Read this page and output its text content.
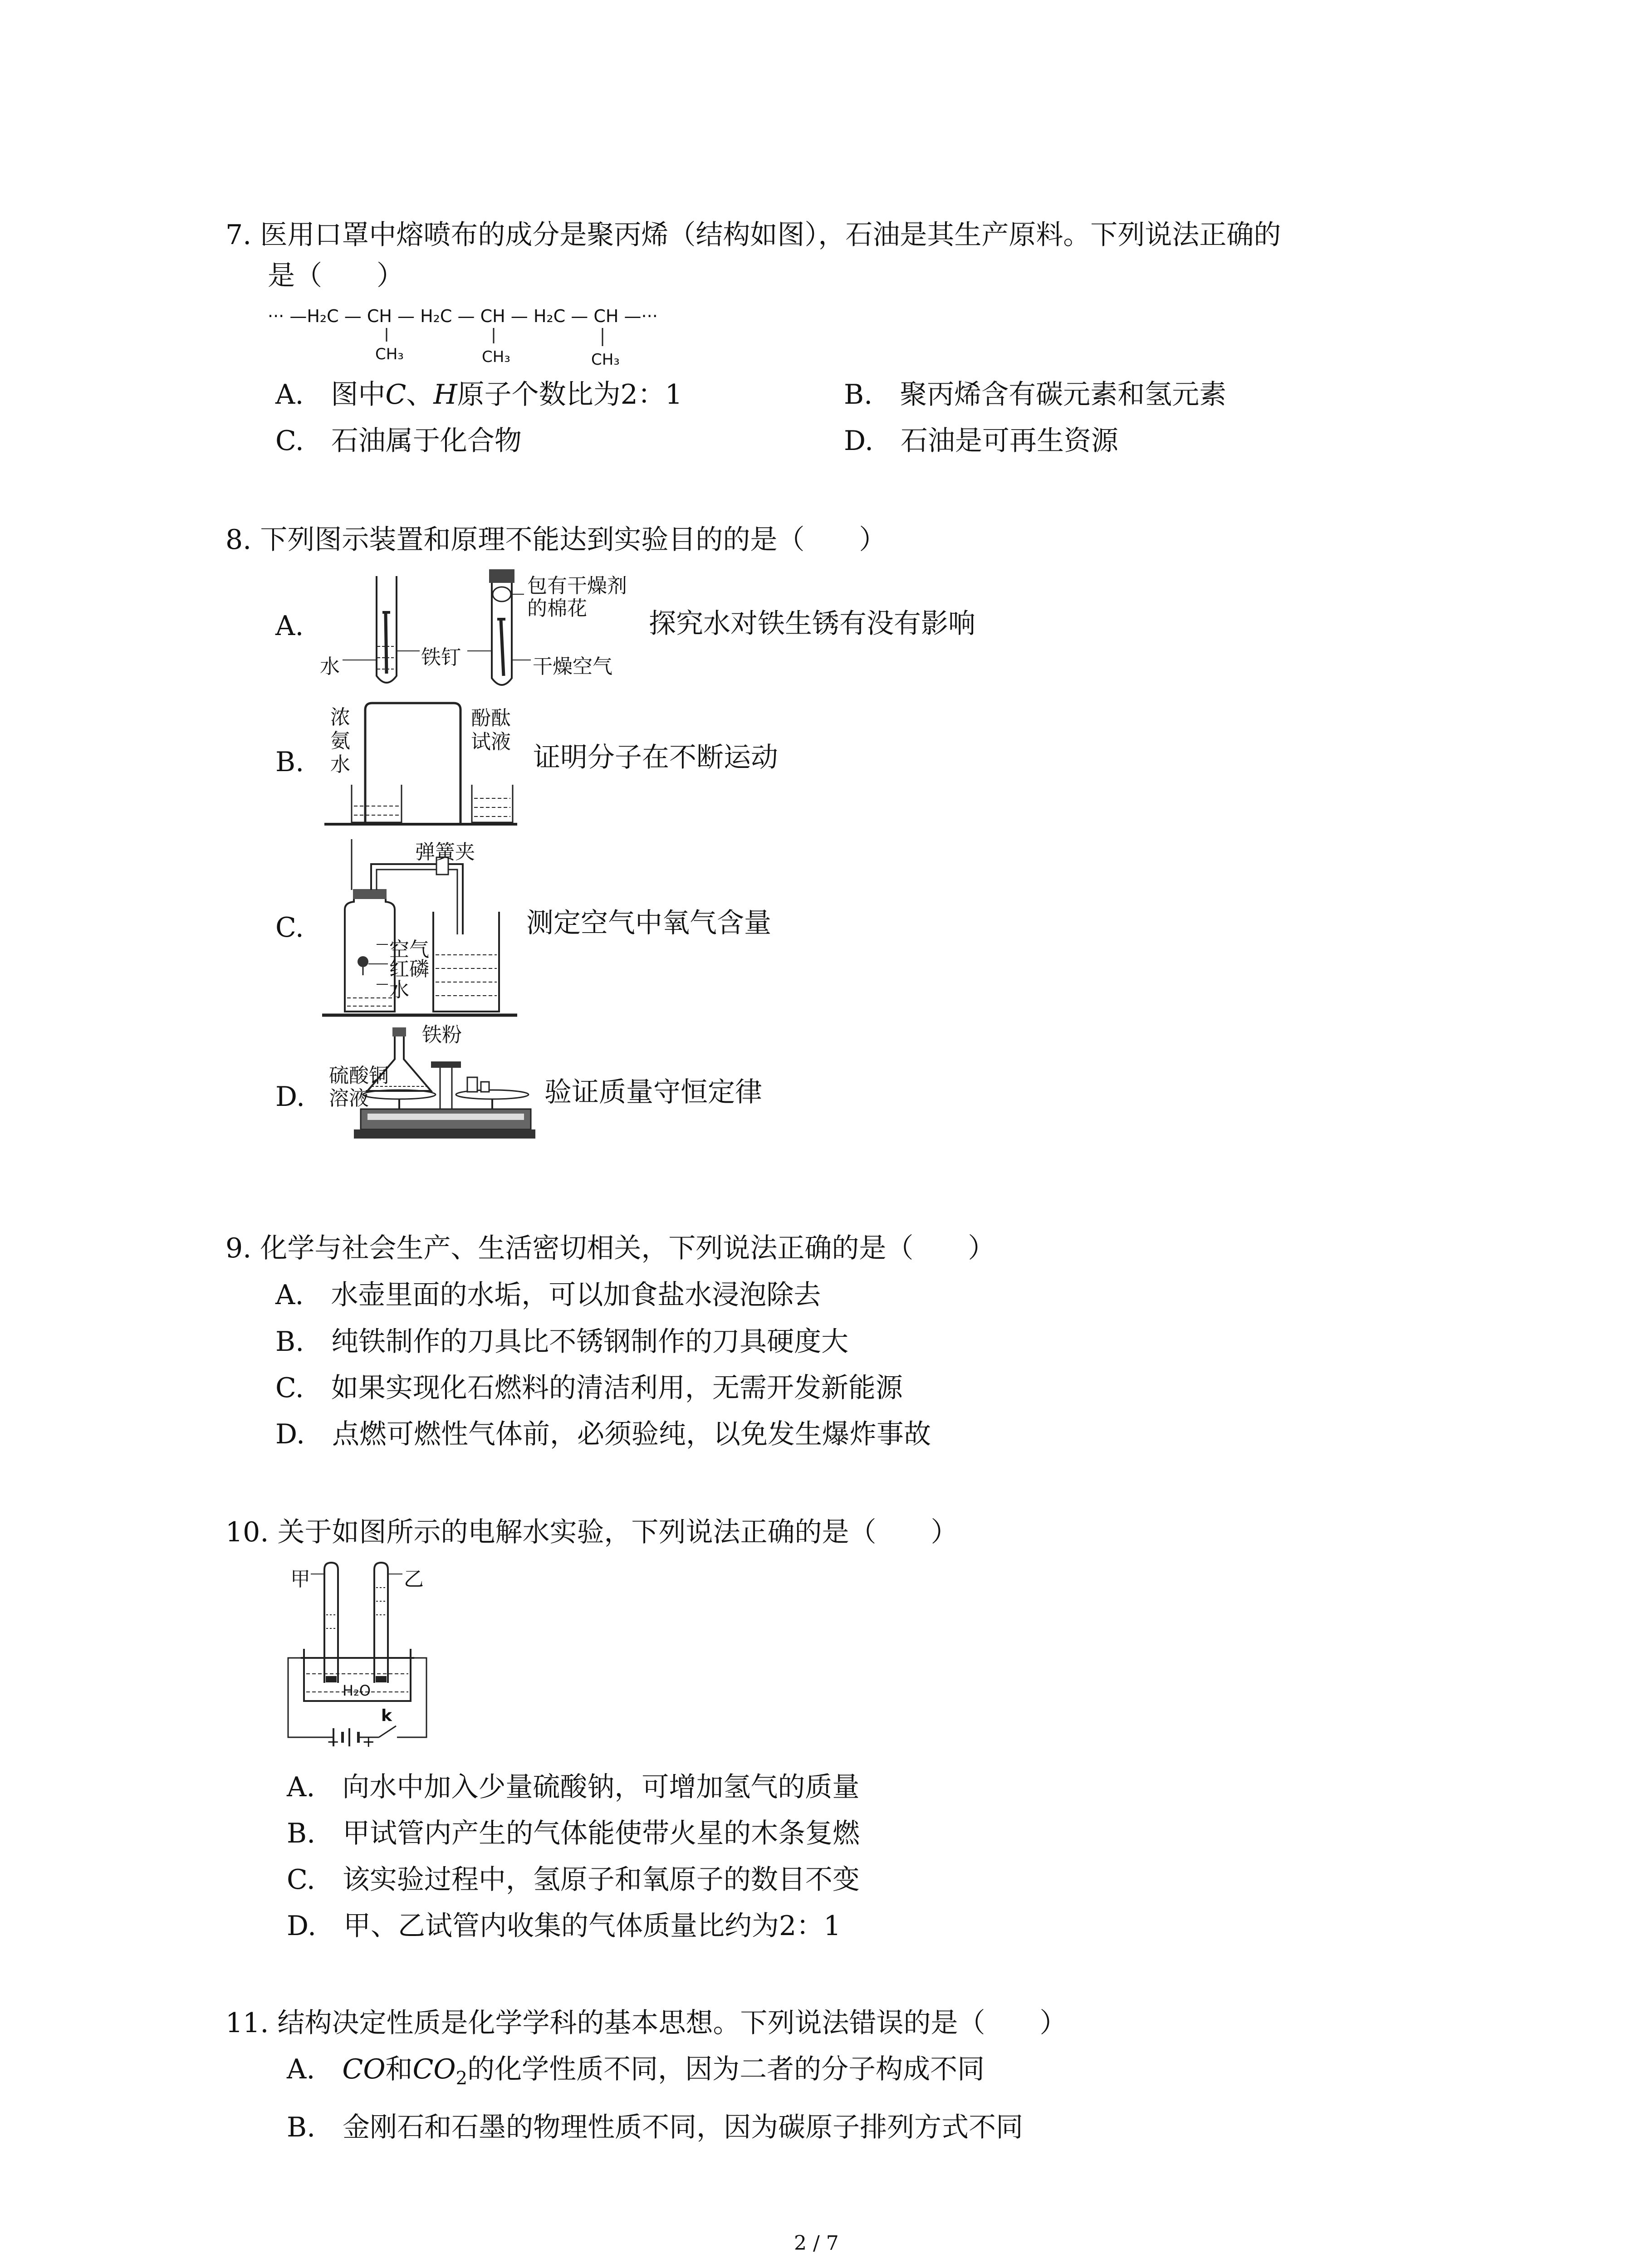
7. 医用口罩中熔喷布的成分是聚丙烯（结构如图），石油是其生产原料。下列说法正确的
是（　　）
··· —H₂C — CH — H₂C — CH — H₂C — CH —···
CH₃	CH₃	CH₃
A.　 图中C、H原子个数比为2：1	B.　聚丙烯含有碳元素和氢元素
C.　石油属于化合物	D.　石油是可再生资源
8. 下列图示装置和原理不能达到实验目的的是（　　）
A.
水	铁钉
包有干燥剂
的棉花
干燥空气
探究水对铁生锈有没有影响
B.
浓
氨
水
酚酞
试液 证明分子在不断运动
C.
弹簧夹
空气
红磷
水
测定空气中氧气含量
D.
铁粉
硫酸铜
溶液	验证质量守恒定律
9. 化学与社会生产、生活密切相关，下列说法正确的是（　　）
A.　水壶里面的水垢，可以加食盐水浸泡除去
B.　纯铁制作的刀具比不锈钢制作的刀具硬度大
C.　如果实现化石燃料的清洁利用，无需开发新能源
D.　点燃可燃性气体前，必须验纯，以免发生爆炸事故
10. 关于如图所示的电解水实验，下列说法正确的是（　　）
甲	乙
H₂O
k
− +
A.　向水中加入少量硫酸钠，可增加氢气的质量
B.　甲试管内产生的气体能使带火星的木条复燃
C.　该实验过程中，氢原子和氧原子的数目不变
D.　甲、乙试管内收集的气体质量比约为2：1
11. 结构决定性质是化学学科的基本思想。下列说法错误的是（　　）
A.　 CO和$CO_2$的化学性质不同，因为二者的分子构成不同
B.　金刚石和石墨的物理性质不同，因为碳原子排列方式不同
2 / 7
